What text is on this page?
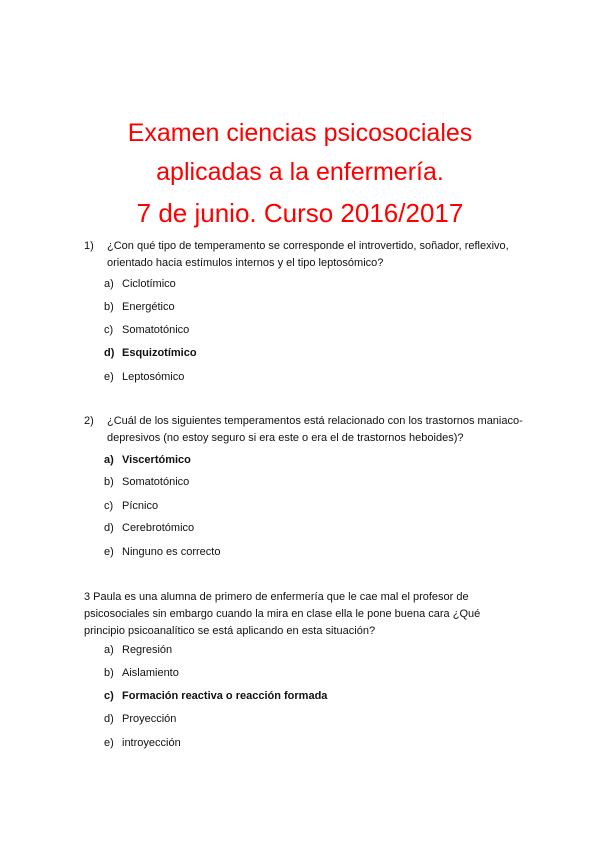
Examen ciencias psicosociales
aplicadas a la enfermería.
7 de junio. Curso 2016/2017
1)	¿Con qué tipo de temperamento se corresponde el introvertido, soñador, reflexivo, orientado hacia estímulos internos y el tipo leptosómico?
a) Ciclotímico
b) Energético
c) Somatotónico
d) Esquizotímico
e) Leptosómico
2)	¿Cuál de los siguientes temperamentos está relacionado con los trastornos maniaco-depresivos (no estoy seguro si era este o era el de trastornos heboides)?
a) Viscertómico
b) Somatotónico
c) Pícnico
d) Cerebrotómico
e) Ninguno es correcto
3 Paula es una alumna de primero de enfermería que le cae mal el profesor de psicosociales sin embargo cuando la mira en clase ella le pone buena cara ¿Qué principio psicoanalítico se está aplicando en esta situación?
a) Regresión
b) Aislamiento
c) Formación reactiva o reacción formada
d) Proyección
e) introyección
